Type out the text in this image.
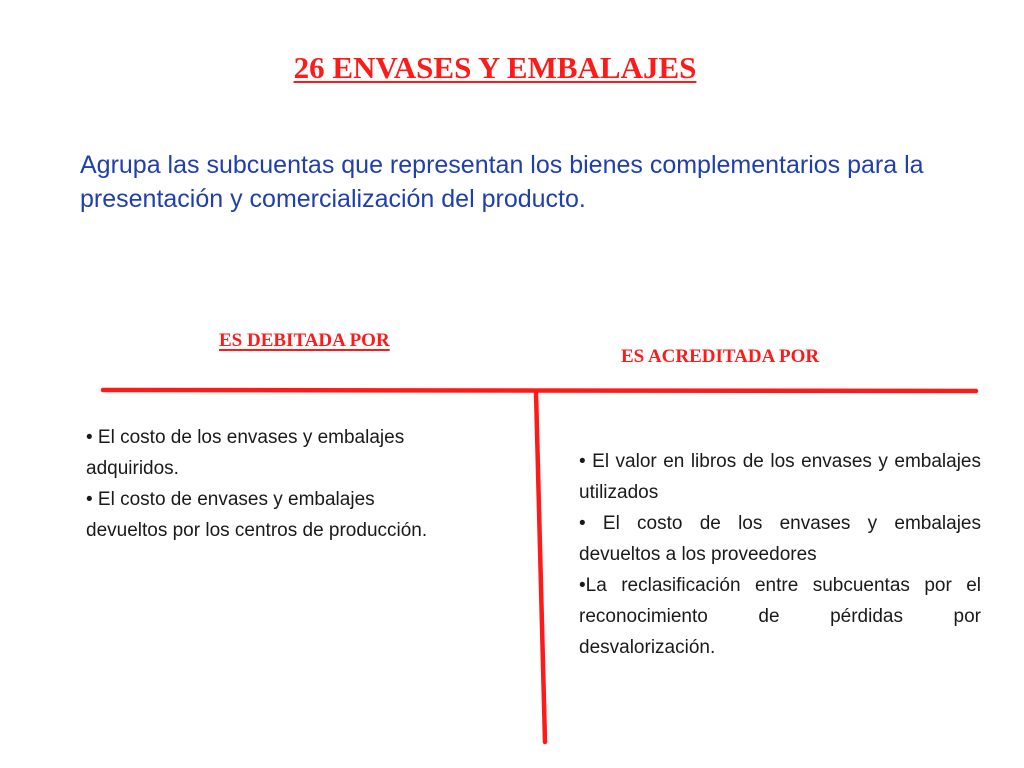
26 ENVASES Y EMBALAJES
Agrupa las subcuentas que representan los bienes complementarios para la presentación y comercialización del producto.
ES DEBITADA POR
ES ACREDITADA POR
• El costo de los envases y embalajes adquiridos.
• El costo de envases y embalajes devueltos por los centros de producción.
• El valor en libros de los envases y embalajes utilizados
• El costo de los envases y embalajes devueltos a los proveedores
•La reclasificación entre subcuentas por el reconocimiento de pérdidas por desvalorización.
